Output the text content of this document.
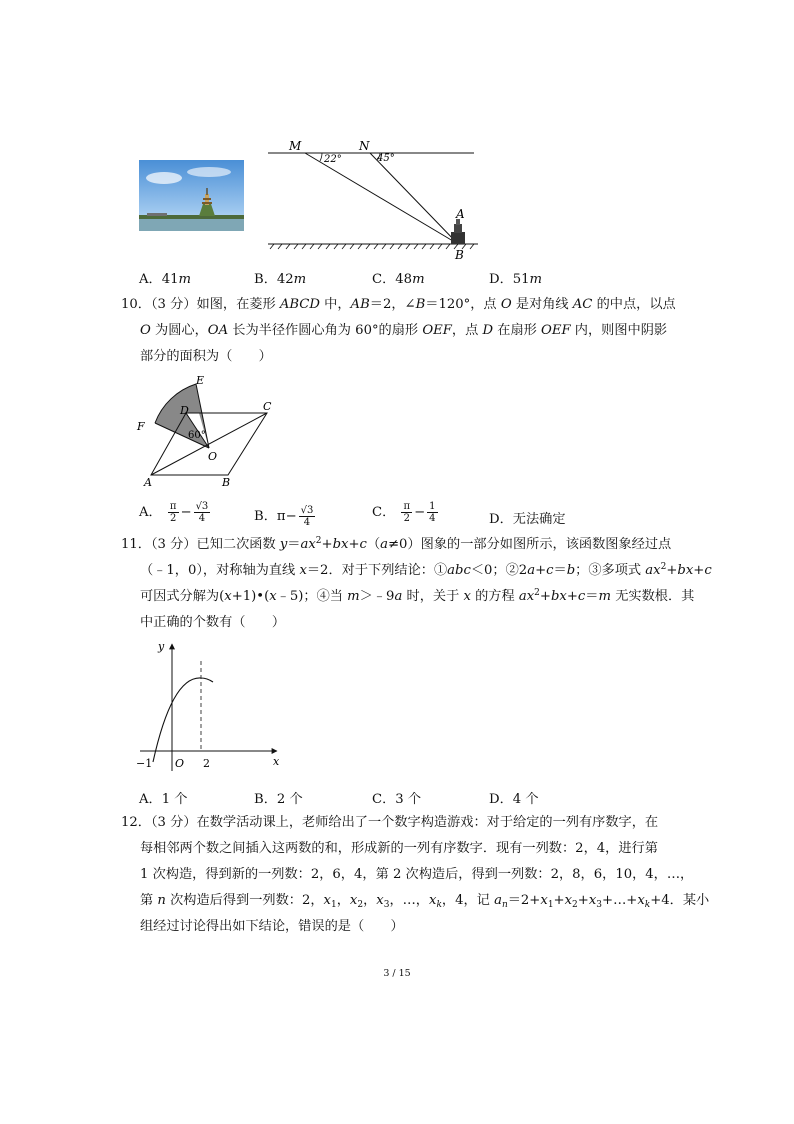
M	N
22°	45°
A
B
A．41m	B．42m	C．48m	D．51m
10．（3 分）如图，在菱形 ABCD 中，AB＝2，∠B＝120°，点 O 是对角线 AC 的中点，以点
O 为圆心，OA 长为半径作圆心角为 60°的扇形 OEF，点 D 在扇形 OEF 内，则图中阴影
部分的面积为（　　）
E
D	C
F
60°
O
A	B
A． $\frac{\pi}{2} - \frac{√3}{4}$	B．$\pi- \frac{√3}{4}$	C． $\frac{\pi}{2} - \frac{1}{4}$	D．无法确定
11．（3 分）已知二次函数 $y=ax^2+bx+c(a\ne 0)$图象的一部分如图所示，该函数图象经过点
（﹣1，0），对称轴为直线 x＝2．对于下列结论：①abc＜0；②2a+c＝b；③多项式 $ax^2+bx+c$
可因式分解为(x+1)•(x﹣5)；④当 m＞﹣9a 时，关于 x 的方程 $ax^2+bx+c=m$ 无实数根．其
中正确的个数有（　　）
y
x
O
−1	2
A．1 个	B．2 个	C．3 个	D．4 个
12．（3 分）在数学活动课上，老师给出了一个数字构造游戏：对于给定的一列有序数字，在
每相邻两个数之间插入这两数的和，形成新的一列有序数字．现有一列数：2，4，进行第
1 次构造，得到新的一列数：2，6，4，第 2 次构造后，得到一列数：2，8，6，10，4，…，
第 n 次构造后得到一列数：2，$x_1$，$x_2$，$x_3$，…，$x_k$，4，记 $a_n=2+x_1+x_2+x_3+\dots+x_k+4$．某小
组经过讨论得出如下结论，错误的是（　　）
3 / 15
